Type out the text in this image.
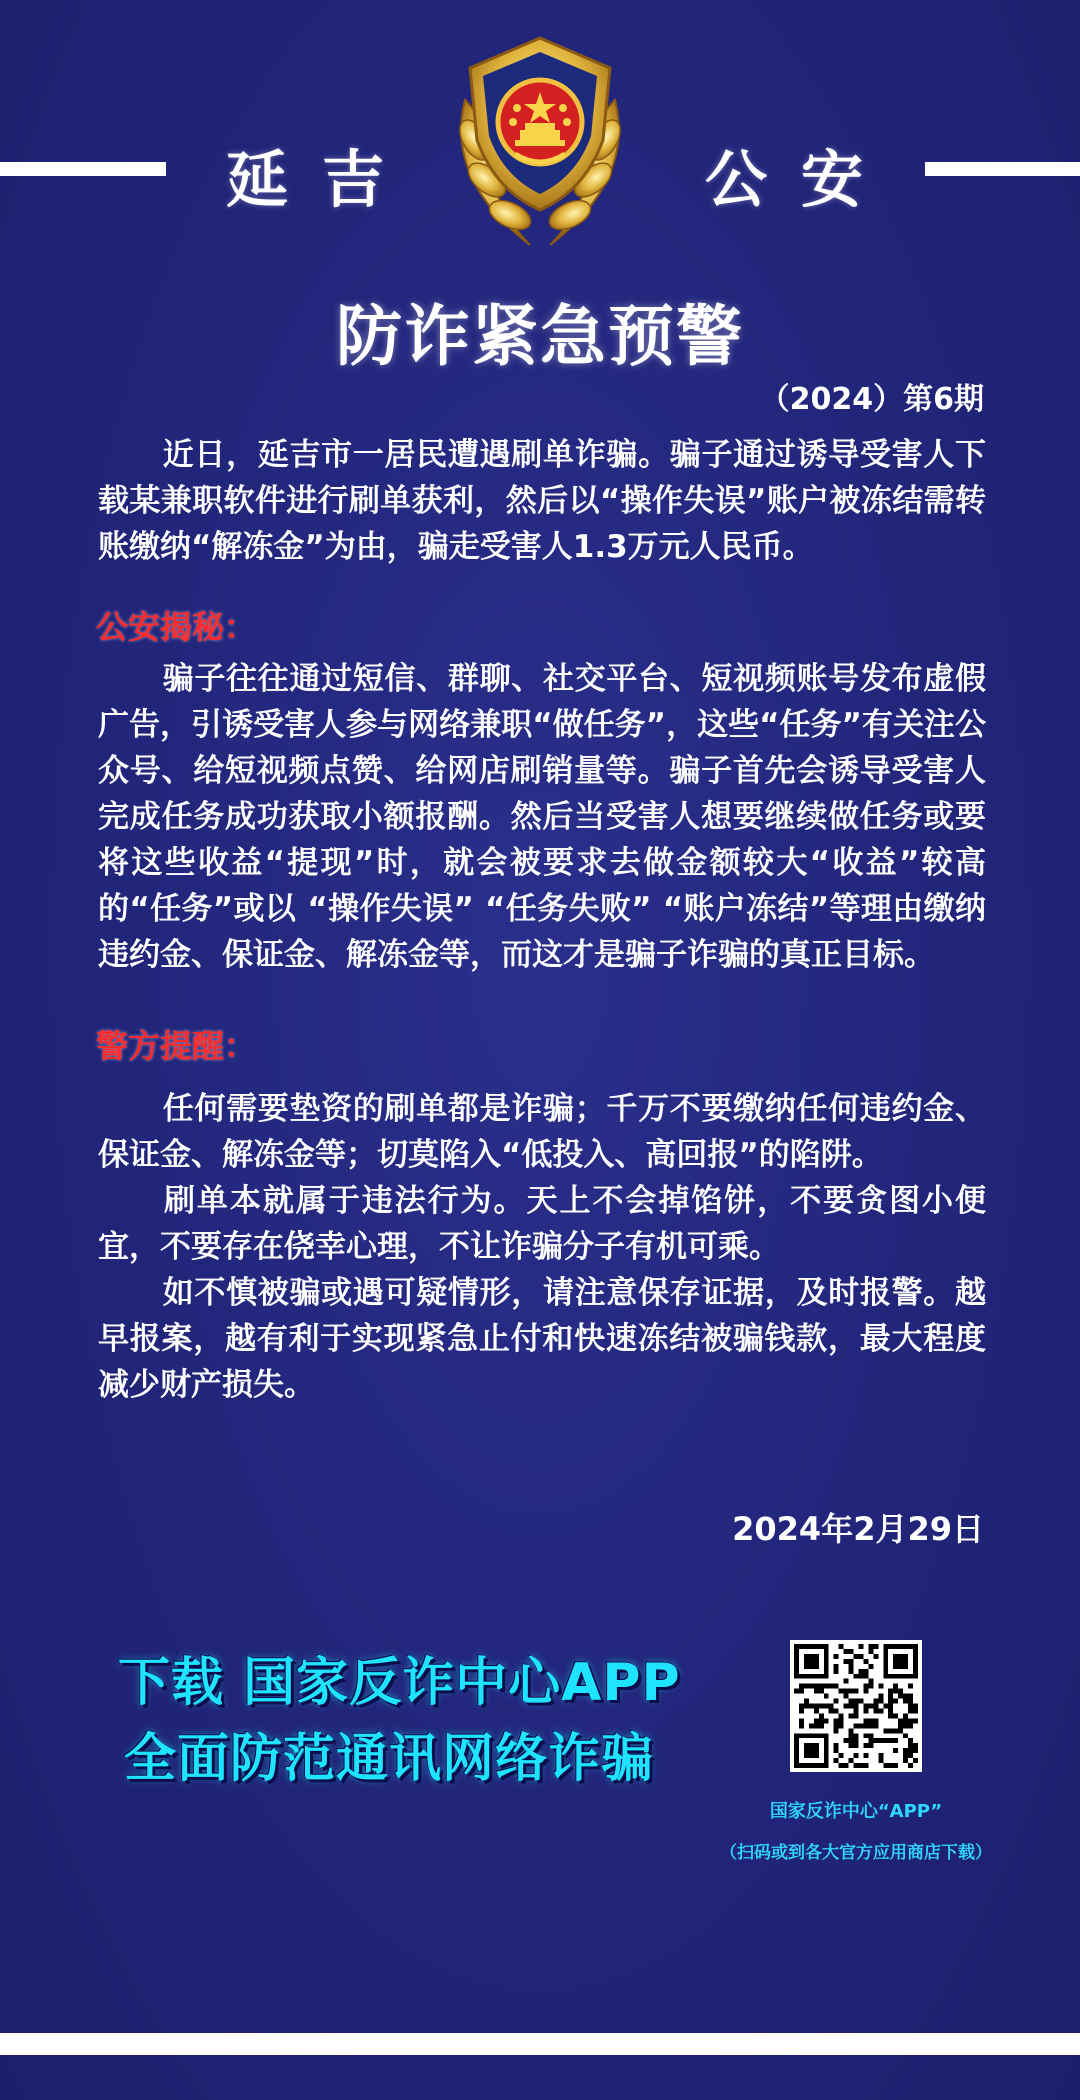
延吉	公安
防诈紧急预警
（2024）第6期
近日，延吉市一居民遭遇刷单诈骗。骗子通过诱导受害人下载某兼职软件进行刷单获利，然后以“操作失误”账户被冻结需转账缴纳“解冻金”为由，骗走受害人1.3万元人民币。
公安揭秘：
骗子往往通过短信、群聊、社交平台、短视频账号发布虚假广告，引诱受害人参与网络兼职“做任务”，这些“任务”有关注公众号、给短视频点赞、给网店刷销量等。骗子首先会诱导受害人完成任务成功获取小额报酬。然后当受害人想要继续做任务或要将这些收益“提现”时，就会被要求去做金额较大“收益”较高的“任务”或以 “操作失误” “任务失败” “账户冻结”等理由缴纳违约金、保证金、解冻金等，而这才是骗子诈骗的真正目标。
警方提醒：
任何需要垫资的刷单都是诈骗；千万不要缴纳任何违约金、保证金、解冻金等；切莫陷入“低投入、高回报”的陷阱。
刷单本就属于违法行为。天上不会掉馅饼，不要贪图小便宜，不要存在侥幸心理，不让诈骗分子有机可乘。
如不慎被骗或遇可疑情形，请注意保存证据，及时报警。越早报案，越有利于实现紧急止付和快速冻结被骗钱款，最大程度减少财产损失。
2024年2月29日
下载 国家反诈中心APP
全面防范通讯网络诈骗
国家反诈中心“APP”
（扫码或到各大官方应用商店下载）
